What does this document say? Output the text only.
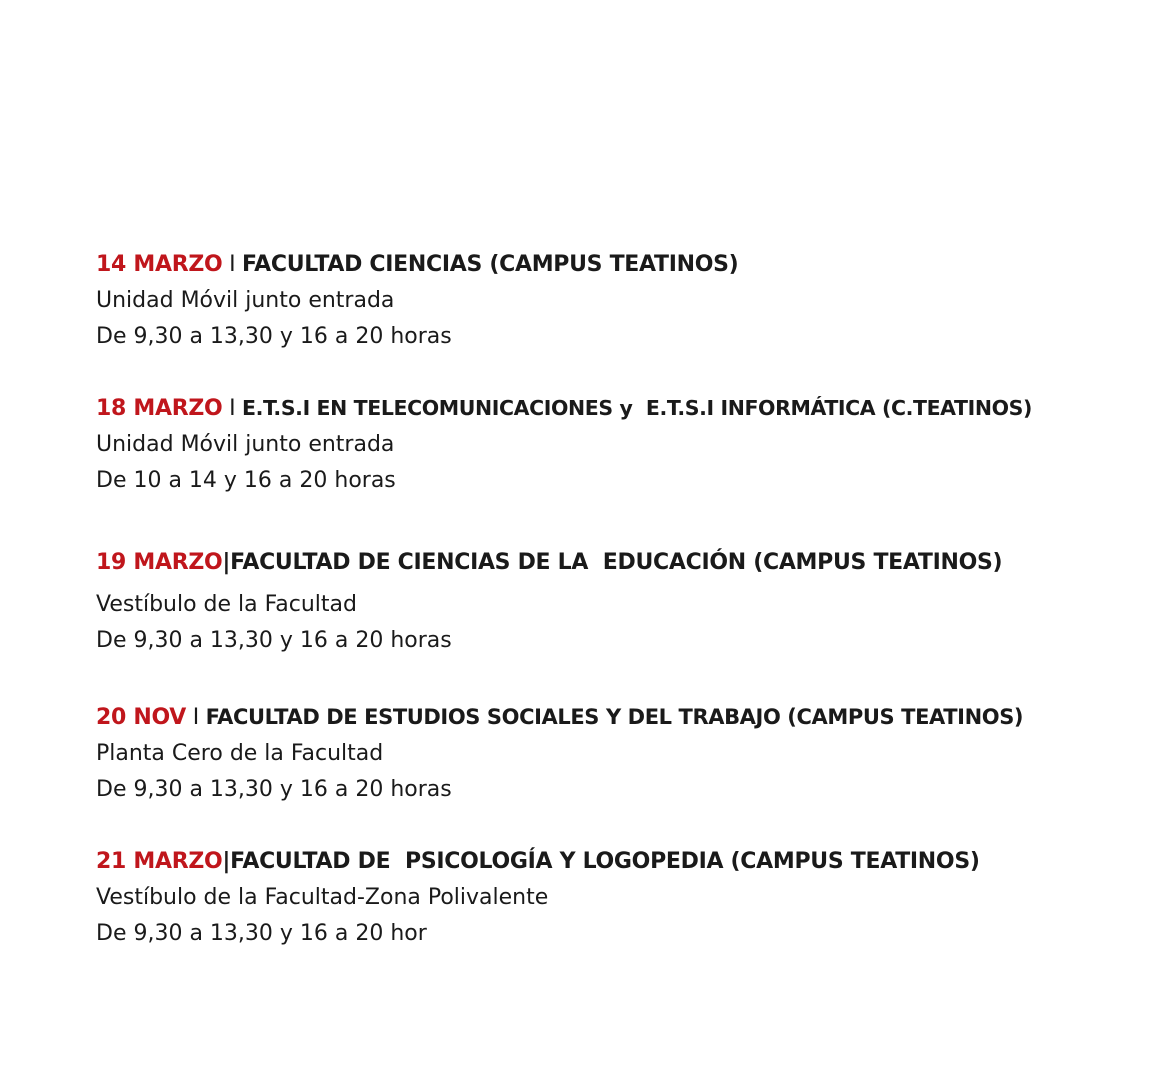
14 MARZO I FACULTAD CIENCIAS (CAMPUS TEATINOS)
Unidad Móvil junto entrada
De 9,30 a 13,30 y 16 a 20 horas
18 MARZO I E.T.S.I EN TELECOMUNICACIONES y  E.T.S.I INFORMÁTICA (C.TEATINOS)
Unidad Móvil junto entrada
De 10 a 14 y 16 a 20 horas
19 MARZO|FACULTAD DE CIENCIAS DE LA  EDUCACIÓN (CAMPUS TEATINOS)
Vestíbulo de la Facultad
De 9,30 a 13,30 y 16 a 20 horas
20 NOV I FACULTAD DE ESTUDIOS SOCIALES Y DEL TRABAJO (CAMPUS TEATINOS)
Planta Cero de la Facultad
De 9,30 a 13,30 y 16 a 20 horas
21 MARZO|FACULTAD DE  PSICOLOGÍA Y LOGOPEDIA (CAMPUS TEATINOS)
Vestíbulo de la Facultad-Zona Polivalente
De 9,30 a 13,30 y 16 a 20 hor
